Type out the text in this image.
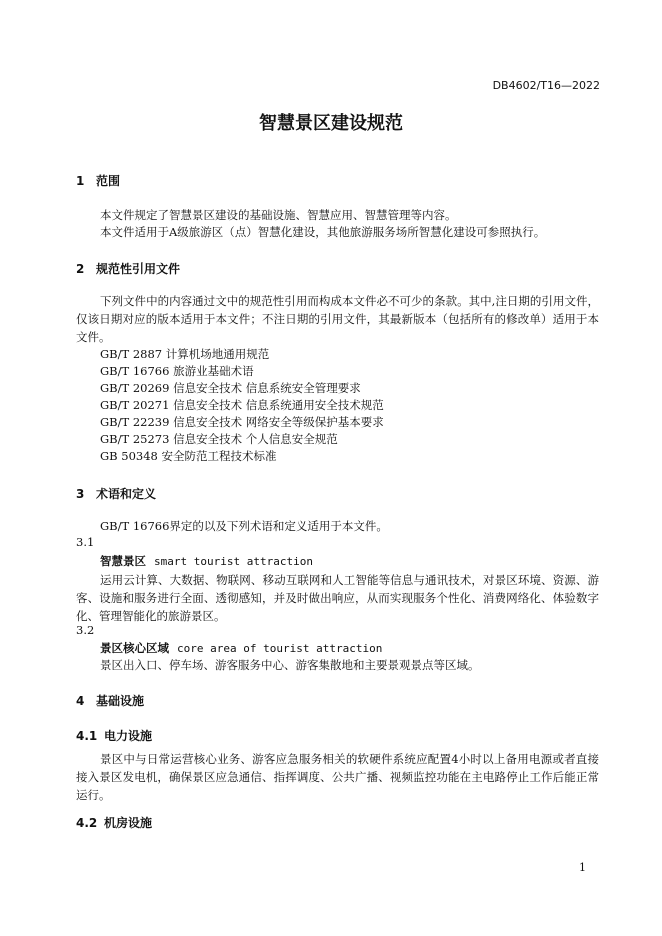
DB4602/T16—2022
智慧景区建设规范
1 范围
本文件规定了智慧景区建设的基础设施、智慧应用、智慧管理等内容。
本文件适用于A级旅游区（点）智慧化建设，其他旅游服务场所智慧化建设可参照执行。
2 规范性引用文件
下列文件中的内容通过文中的规范性引用而构成本文件必不可少的条款。其中,注日期的引用文件，仅该日期对应的版本适用于本文件；不注日期的引用文件，其最新版本（包括所有的修改单）适用于本文件。
GB/T 2887 计算机场地通用规范
GB/T 16766 旅游业基础术语
GB/T 20269 信息安全技术 信息系统安全管理要求
GB/T 20271 信息安全技术 信息系统通用安全技术规范
GB/T 22239 信息安全技术 网络安全等级保护基本要求
GB/T 25273 信息安全技术 个人信息安全规范
GB 50348 安全防范工程技术标准
3 术语和定义
GB/T 16766界定的以及下列术语和定义适用于本文件。
3.1
智慧景区 smart tourist attraction
运用云计算、大数据、物联网、移动互联网和人工智能等信息与通讯技术，对景区环境、资源、游客、设施和服务进行全面、透彻感知，并及时做出响应，从而实现服务个性化、消费网络化、体验数字化、管理智能化的旅游景区。
3.2
景区核心区域 core area of tourist attraction
景区出入口、停车场、游客服务中心、游客集散地和主要景观景点等区域。
4 基础设施
4.1 电力设施
景区中与日常运营核心业务、游客应急服务相关的软硬件系统应配置4小时以上备用电源或者直接接入景区发电机，确保景区应急通信、指挥调度、公共广播、视频监控功能在主电路停止工作后能正常运行。
4.2 机房设施
1
